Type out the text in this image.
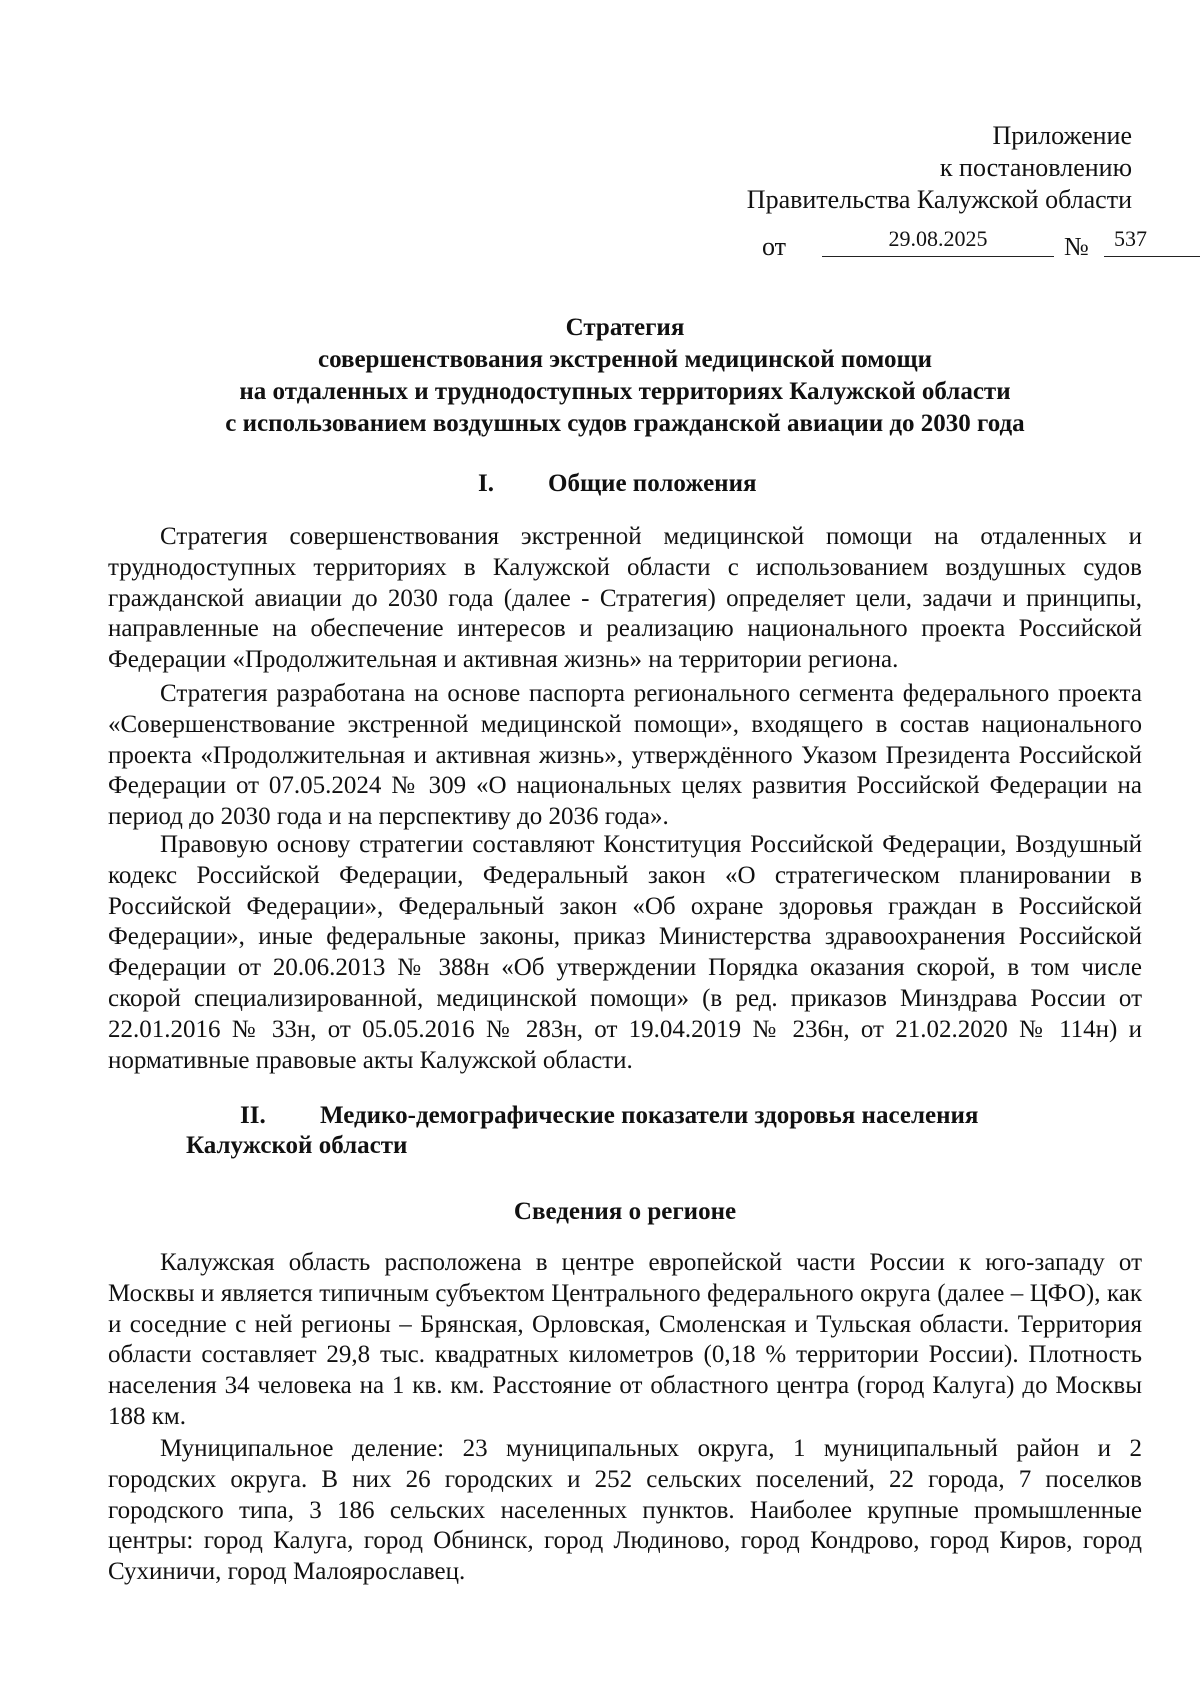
Приложение
к постановлению
Правительства Калужской области
от	29.08.2025	№	537
Стратегия
совершенствования экстренной медицинской помощи
на отдаленных и труднодоступных территориях Калужской области
с использованием воздушных судов гражданской авиации до 2030 года
I. Общие положения

Стратегия совершенствования экстренной медицинской помощи на отдаленных и труднодоступных территориях в Калужской области с использованием воздушных судов гражданской авиации до 2030 года (далее - Стратегия) определяет цели, задачи и принципы, направленные на обеспечение интересов и реализацию национального проекта Российской Федерации «Продолжительная и активная жизнь» на территории региона.

Стратегия разработана на основе паспорта регионального сегмента федерального проекта «Совершенствование экстренной медицинской помощи», входящего в состав национального проекта «Продолжительная и активная жизнь», утверждённого Указом Президента Российской Федерации от 07.05.2024 № 309 «О национальных целях развития Российской Федерации на период до 2030 года и на перспективу до 2036 года».

Правовую основу стратегии составляют Конституция Российской Федерации, Воздушный кодекс Российской Федерации, Федеральный закон «О стратегическом планировании в Российской Федерации», Федеральный закон «Об охране здоровья граждан в Российской Федерации», иные федеральные законы, приказ Министерства здравоохранения Российской Федерации от 20.06.2013 № 388н «Об утверждении Порядка оказания скорой, в том числе скорой специализированной, медицинской помощи» (в ред. приказов Минздрава России от 22.01.2016 № 33н, от 05.05.2016 № 283н, от 19.04.2019 № 236н, от 21.02.2020 № 114н) и нормативные правовые акты Калужской области.

II. Медико-демографические показатели здоровья населения
Калужской области
Сведения о регионе

Калужская область расположена в центре европейской части России к юго-западу от Москвы и является типичным субъектом Центрального федерального округа (далее – ЦФО), как и соседние с ней регионы – Брянская, Орловская, Смоленская и Тульская области. Территория области составляет 29,8 тыс. квадратных километров (0,18 % территории России). Плотность населения 34 человека на 1 кв. км. Расстояние от областного центра (город Калуга) до Москвы 188 км.

Муниципальное деление: 23 муниципальных округа, 1 муниципальный район и 2 городских округа. В них 26 городских и 252 сельских поселений, 22 города, 7 поселков городского типа, 3 186 сельских населенных пунктов. Наиболее крупные промышленные центры: город Калуга, город Обнинск, город Людиново, город Кондрово, город Киров, город Сухиничи, город Малоярославец.
